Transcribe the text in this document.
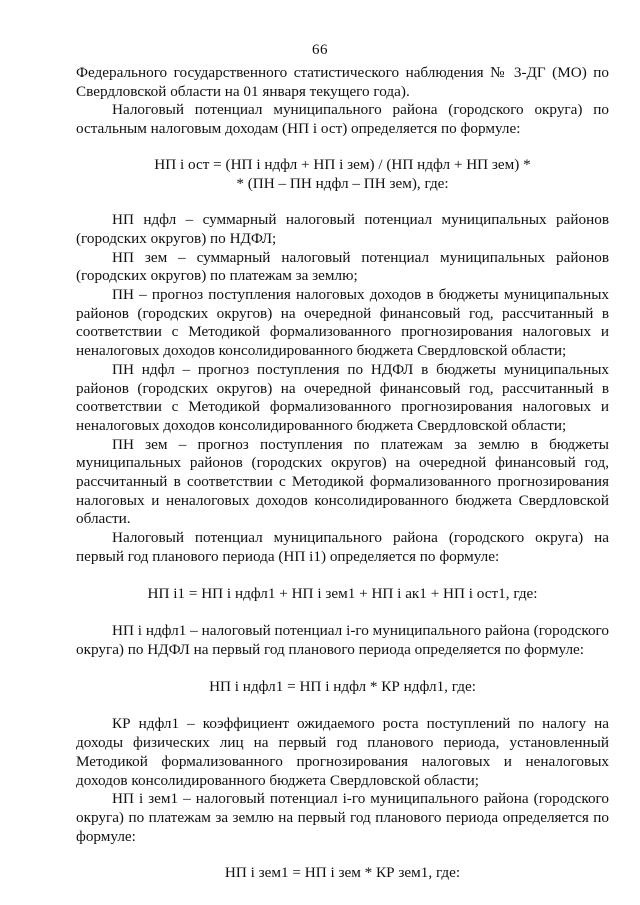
66

Федерального государственного статистического наблюдения № 3-ДГ (МО) по Свердловской области на 01 января текущего года).

Налоговый потенциал муниципального района (городского округа) по остальным налоговым доходам (НП i ост) определяется по формуле:

НП i ост = (НП i ндфл + НП i зем) / (НП ндфл + НП зем) *
* (ПН – ПН ндфл – ПН зем), где:

НП ндфл – суммарный налоговый потенциал муниципальных районов (городских округов) по НДФЛ;

НП зем – суммарный налоговый потенциал муниципальных районов (городских округов) по платежам за землю;

ПН – прогноз поступления налоговых доходов в бюджеты муниципальных районов (городских округов) на очередной финансовый год, рассчитанный в соответствии с Методикой формализованного прогнозирования налоговых и неналоговых доходов консолидированного бюджета Свердловской области;

ПН ндфл – прогноз поступления по НДФЛ в бюджеты муниципальных районов (городских округов) на очередной финансовый год, рассчитанный в соответствии с Методикой формализованного прогнозирования налоговых и неналоговых доходов консолидированного бюджета Свердловской области;

ПН зем – прогноз поступления по платежам за землю в бюджеты муниципальных районов (городских округов) на очередной финансовый год, рассчитанный в соответствии с Методикой формализованного прогнозирования налоговых и неналоговых доходов консолидированного бюджета Свердловской области.

Налоговый потенциал муниципального района (городского округа) на первый год планового периода (НП i1) определяется по формуле:

НП i1 = НП i ндфл1 + НП i зем1 + НП i ак1 + НП i ост1, где:

НП i ндфл1 – налоговый потенциал i-го муниципального района (городского округа) по НДФЛ на первый год планового периода определяется по формуле:

НП i ндфл1 = НП i ндфл * КР ндфл1, где:

КР ндфл1 – коэффициент ожидаемого роста поступлений по налогу на доходы физических лиц на первый год планового периода, установленный Методикой формализованного прогнозирования налоговых и неналоговых доходов консолидированного бюджета Свердловской области;

НП i зем1 – налоговый потенциал i-го муниципального района (городского округа) по платежам за землю на первый год планового периода определяется по формуле:

НП i зем1 = НП i зем * КР зем1, где:
